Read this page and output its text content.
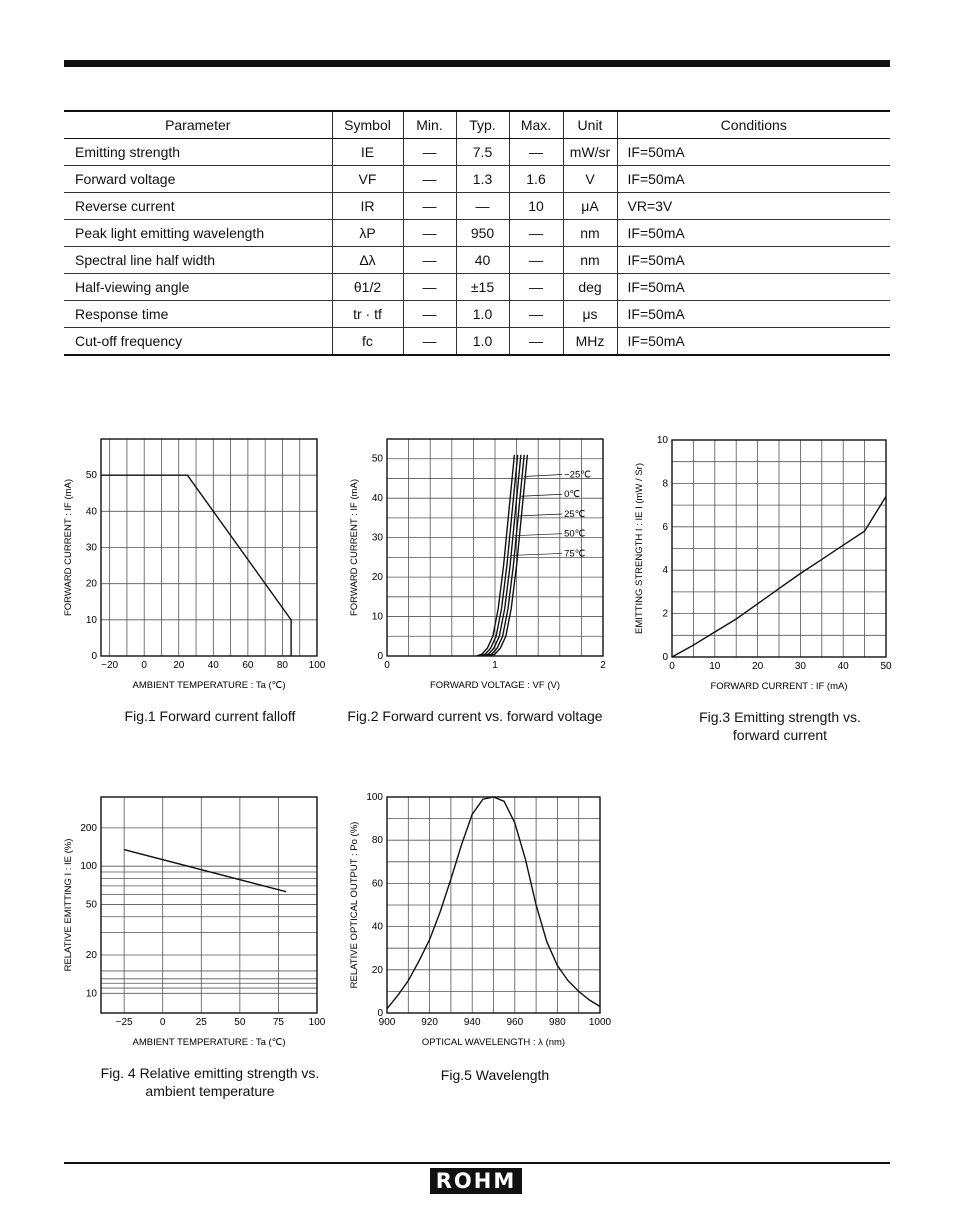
Parameter	Symbol	Min.	Typ.	Max.	Unit	Conditions
Emitting strength	IE	—	7.5	—	mW/sr	IF=50mA
Forward voltage	VF	—	1.3	1.6	V	IF=50mA
Reverse current	IR	—	—	10	μA	VR=3V
Peak light emitting wavelength	λP	—	950	—	nm	IF=50mA
Spectral line half width	Δλ	—	40	—	nm	IF=50mA
Half-viewing angle	θ1/2	—	±15	—	deg	IF=50mA
Response time	tr · tf	—	1.0	—	μs	IF=50mA
Cut-off frequency	fc	—	1.0	—	MHz	IF=50mA
−20 0	20 40 60 80 100
0
10
20
30
40
50
AMBIENT TEMPERATURE : Ta (℃)
FORWARD CURRENT : IF (mA)
0	1	2
0
10
20
30
40
50
FORWARD VOLTAGE : VF (V)
FORWARD CURRENT : IF (mA)
−25℃
0℃
25℃
50℃
75℃
0	10	20	30	40	50
0
2
4
6
8
10
FORWARD CURRENT : IF (mA)
EMITTING STRENGTH I : IE I (mW / Sr)
−25	0	25	50	75 100
10
20
50
100
200
AMBIENT TEMPERATURE : Ta (℃)
RELATIVE EMITTING I : IE (%)
900	920	940	960	980 1000
0
20
40
60
80
100
OPTICAL WAVELENGTH : λ (nm)
RELATIVE OPTICAL OUTPUT : Po (%)
Fig.1 Forward current falloff	Fig.2 Forward current vs. forward voltage	Fig.3 Emitting strength vs. forward current
Fig. 4 Relative emitting strength vs. ambient temperature
Fig.5 Wavelength
ROHM
